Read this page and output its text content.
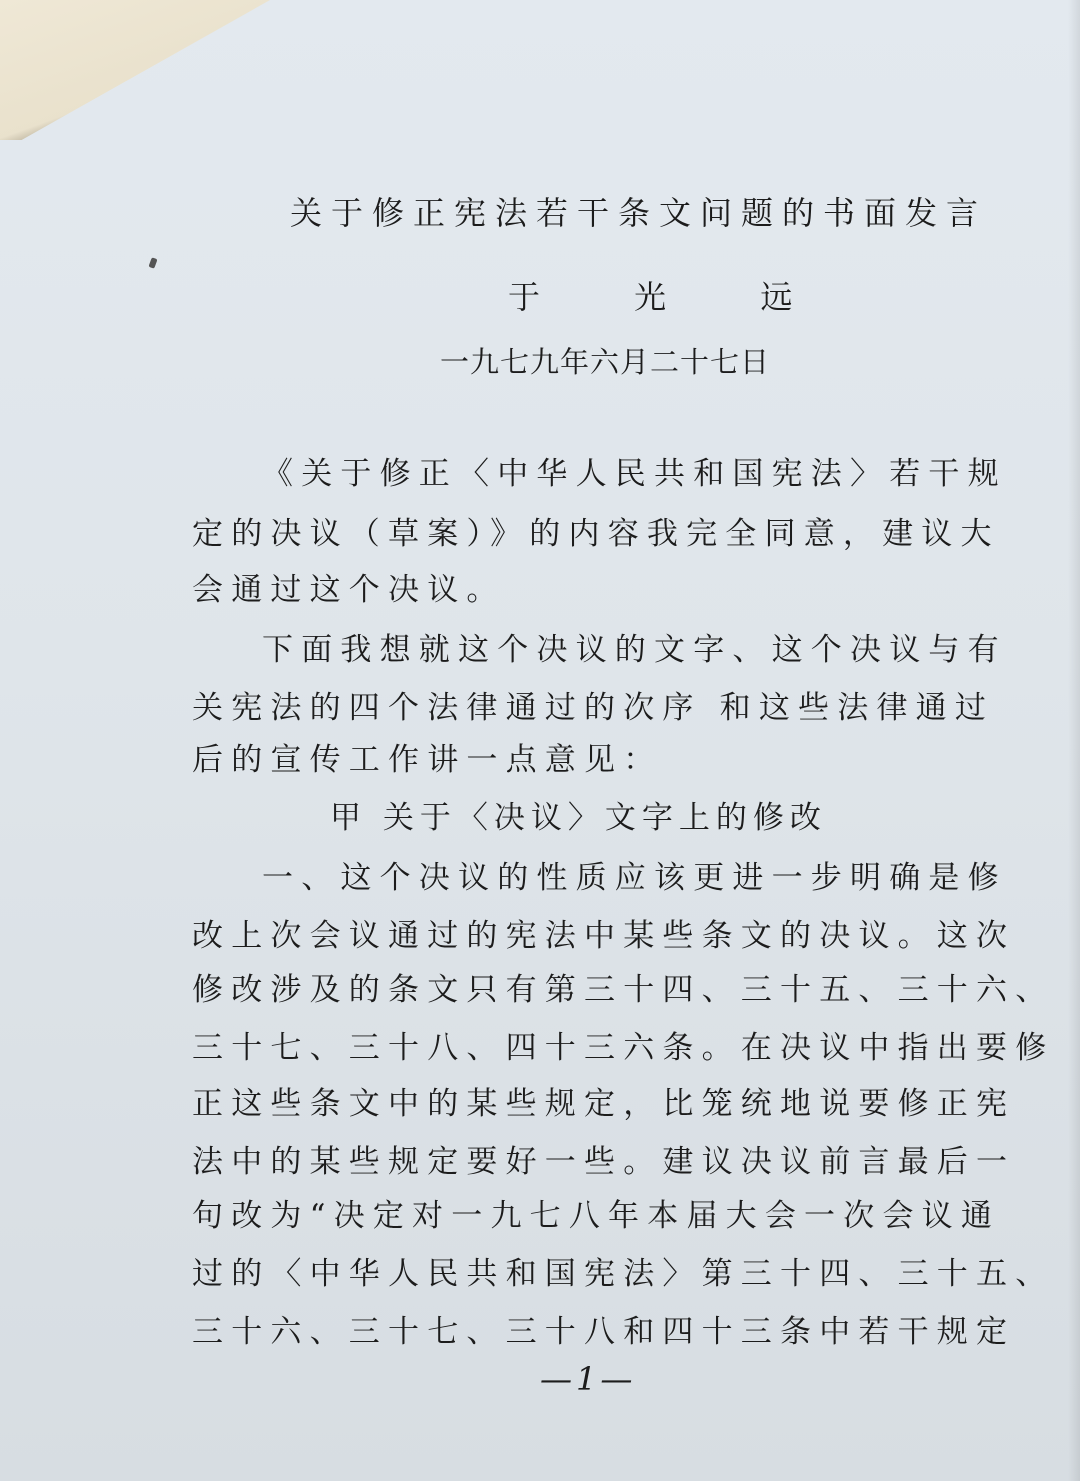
关于修正宪法若干条文问题的书面发言
于 光 远
一九七九年六月二十七日
《关于修正〈中华人民共和国宪法〉若干规
定的决议（草案）》的内容我完全同意，建议大
会通过这个决议。
下面我想就这个决议的文字、这个决议与有
关宪法的四个法律通过的次序 和这些法律通过
后的宣传工作讲一点意见：
甲 关于〈决议〉文字上的修改
一、这个决议的性质应该更进一步明确是修
改上次会议通过的宪法中某些条文的决议。这次
修改涉及的条文只有第三十四、三十五、三十六、
三十七、三十八、四十三六条。在决议中指出要修
正这些条文中的某些规定，比笼统地说要修正宪
法中的某些规定要好一些。建议决议前言最后一
句改为“决定对一九七八年本届大会一次会议通
过的〈中华人民共和国宪法〉第三十四、三十五、
三十六、三十七、三十八和四十三条中若干规定
—1—
